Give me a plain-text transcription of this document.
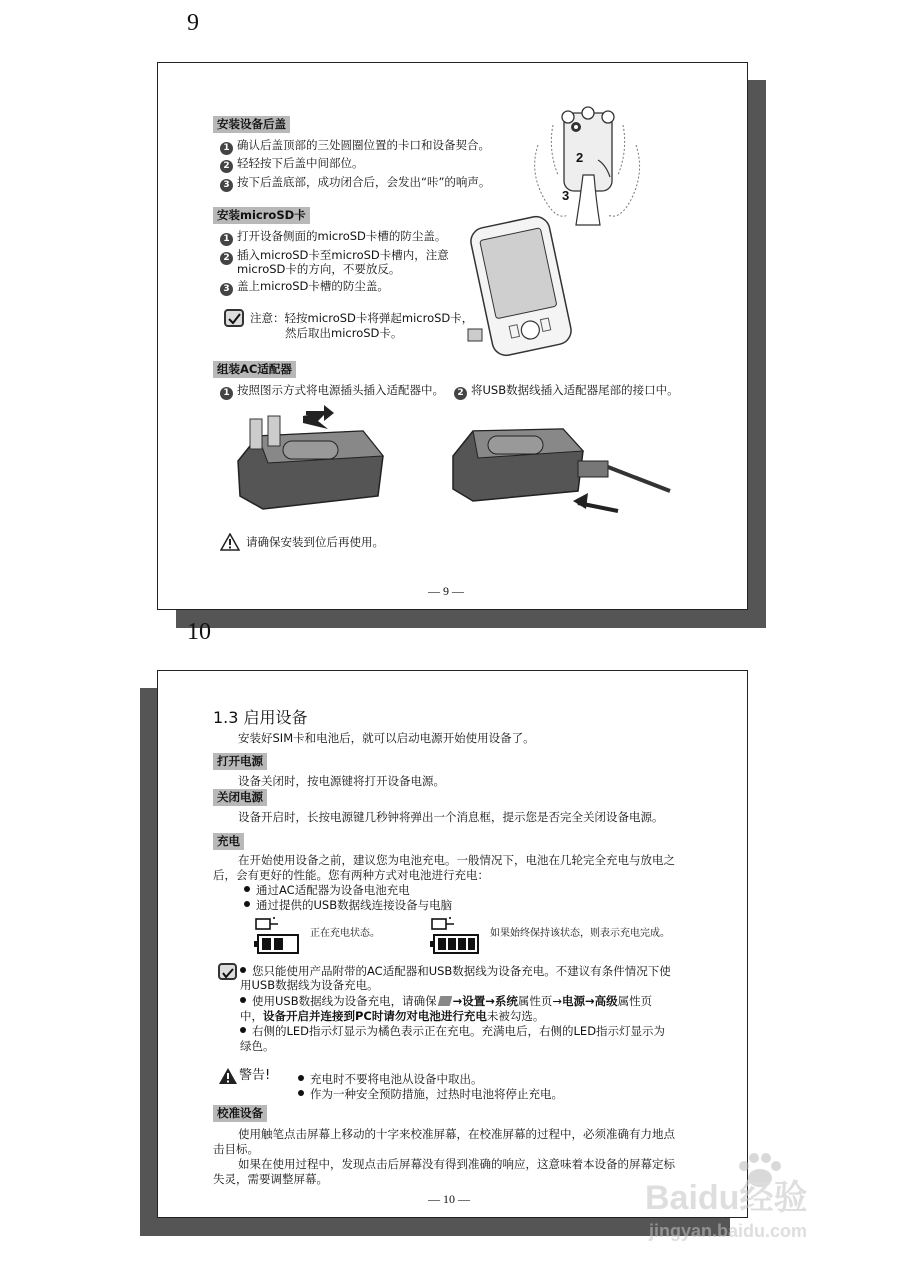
9
安装设备后盖
1 确认后盖顶部的三处圆圈位置的卡口和设备契合。
2 轻轻按下后盖中间部位。
3 按下后盖底部，成功闭合后，会发出“咔”的响声。
2
3
安装microSD卡
1 打开设备侧面的microSD卡槽的防尘盖。
2 插入microSD卡至microSD卡槽内，注意
microSD卡的方向，不要放反。
3 盖上microSD卡槽的防尘盖。
注意：轻按microSD卡将弹起microSD卡，
然后取出microSD卡。
组装AC适配器
1 按照图示方式将电源插头插入适配器中。	2 将USB数据线插入适配器尾部的接口中。
请确保安装到位后再使用。
— 9 —
10
1.3 启用设备
安装好SIM卡和电池后，就可以启动电源开始使用设备了。
打开电源
设备关闭时，按电源键将打开设备电源。
关闭电源
设备开启时，长按电源键几秒钟将弹出一个消息框，提示您是否完全关闭设备电源。
充电
在开始使用设备之前，建议您为电池充电。一般情况下，电池在几轮完全充电与放电之
后，会有更好的性能。您有两种方式对电池进行充电：
通过AC适配器为设备电池充电
通过提供的USB数据线连接设备与电脑
正在充电状态。	如果始终保持该状态，则表示充电完成。
您只能使用产品附带的AC适配器和USB数据线为设备充电。不建议有条件情况下使
用USB数据线为设备充电。
使用USB数据线为设备充电，请确保 →设置→系统属性页→电源→高级属性页
中，设备开启并连接到PC时请勿对电池进行充电未被勾选。
右侧的LED指示灯显示为橘色表示正在充电。充满电后，右侧的LED指示灯显示为
绿色。
警告!	充电时不要将电池从设备中取出。
作为一种安全预防措施，过热时电池将停止充电。
校准设备
使用触笔点击屏幕上移动的十字来校准屏幕，在校准屏幕的过程中，必须准确有力地点
击目标。
如果在使用过程中，发现点击后屏幕没有得到准确的响应，这意味着本设备的屏幕定标
失灵，需要调整屏幕。
— 10 —	Baidu经验
jingyan.baidu.com
